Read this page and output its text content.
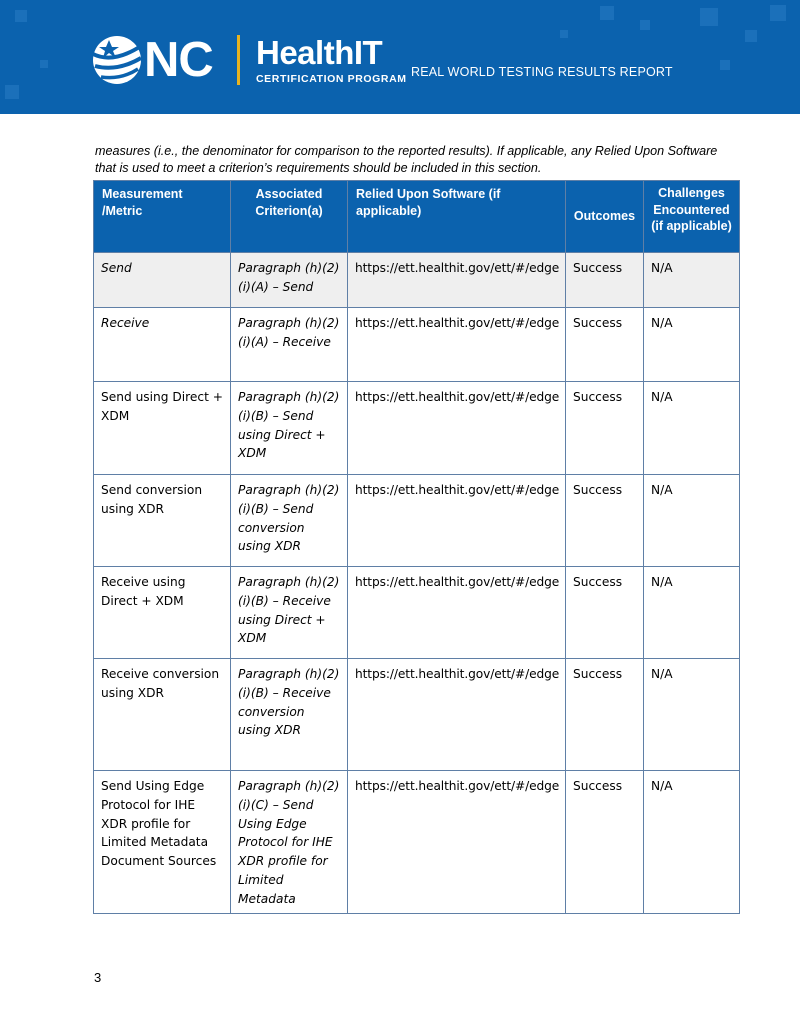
NC HealthIT
CERTIFICATION PROGRAM REAL WORLD TESTING RESULTS REPORT
measures (i.e., the denominator for comparison to the reported results). If applicable, any Relied Upon Software that is used to meet a criterion’s requirements should be included in this section.
Measurement /Metric	Associated Criterion(a)	Relied Upon Software (if applicable)	Outcomes	Challenges Encountered (if applicable)

Send	Paragraph (h)(2)(i)(A) – Send	https://ett.healthit.gov/ett/#/edge	Success	N/A
Receive	Paragraph (h)(2)(i)(A) – Receive	https://ett.healthit.gov/ett/#/edge	Success	N/A
Send using Direct + XDM	Paragraph (h)(2)(i)(B) – Send using Direct + XDM	https://ett.healthit.gov/ett/#/edge	Success	N/A
Send conversion using XDR	Paragraph (h)(2)(i)(B) – Send conversion using XDR	https://ett.healthit.gov/ett/#/edge	Success	N/A
Receive using Direct + XDM	Paragraph (h)(2)(i)(B) – Receive using Direct + XDM	https://ett.healthit.gov/ett/#/edge	Success	N/A
Receive conversion using XDR	Paragraph (h)(2)(i)(B) – Receive conversion using XDR	https://ett.healthit.gov/ett/#/edge	Success	N/A
Send Using Edge Protocol for IHE XDR profile for Limited Metadata Document Sources	Paragraph (h)(2)(i)(C) – Send Using Edge Protocol for IHE XDR profile for Limited Metadata	https://ett.healthit.gov/ett/#/edge	Success	N/A
3
